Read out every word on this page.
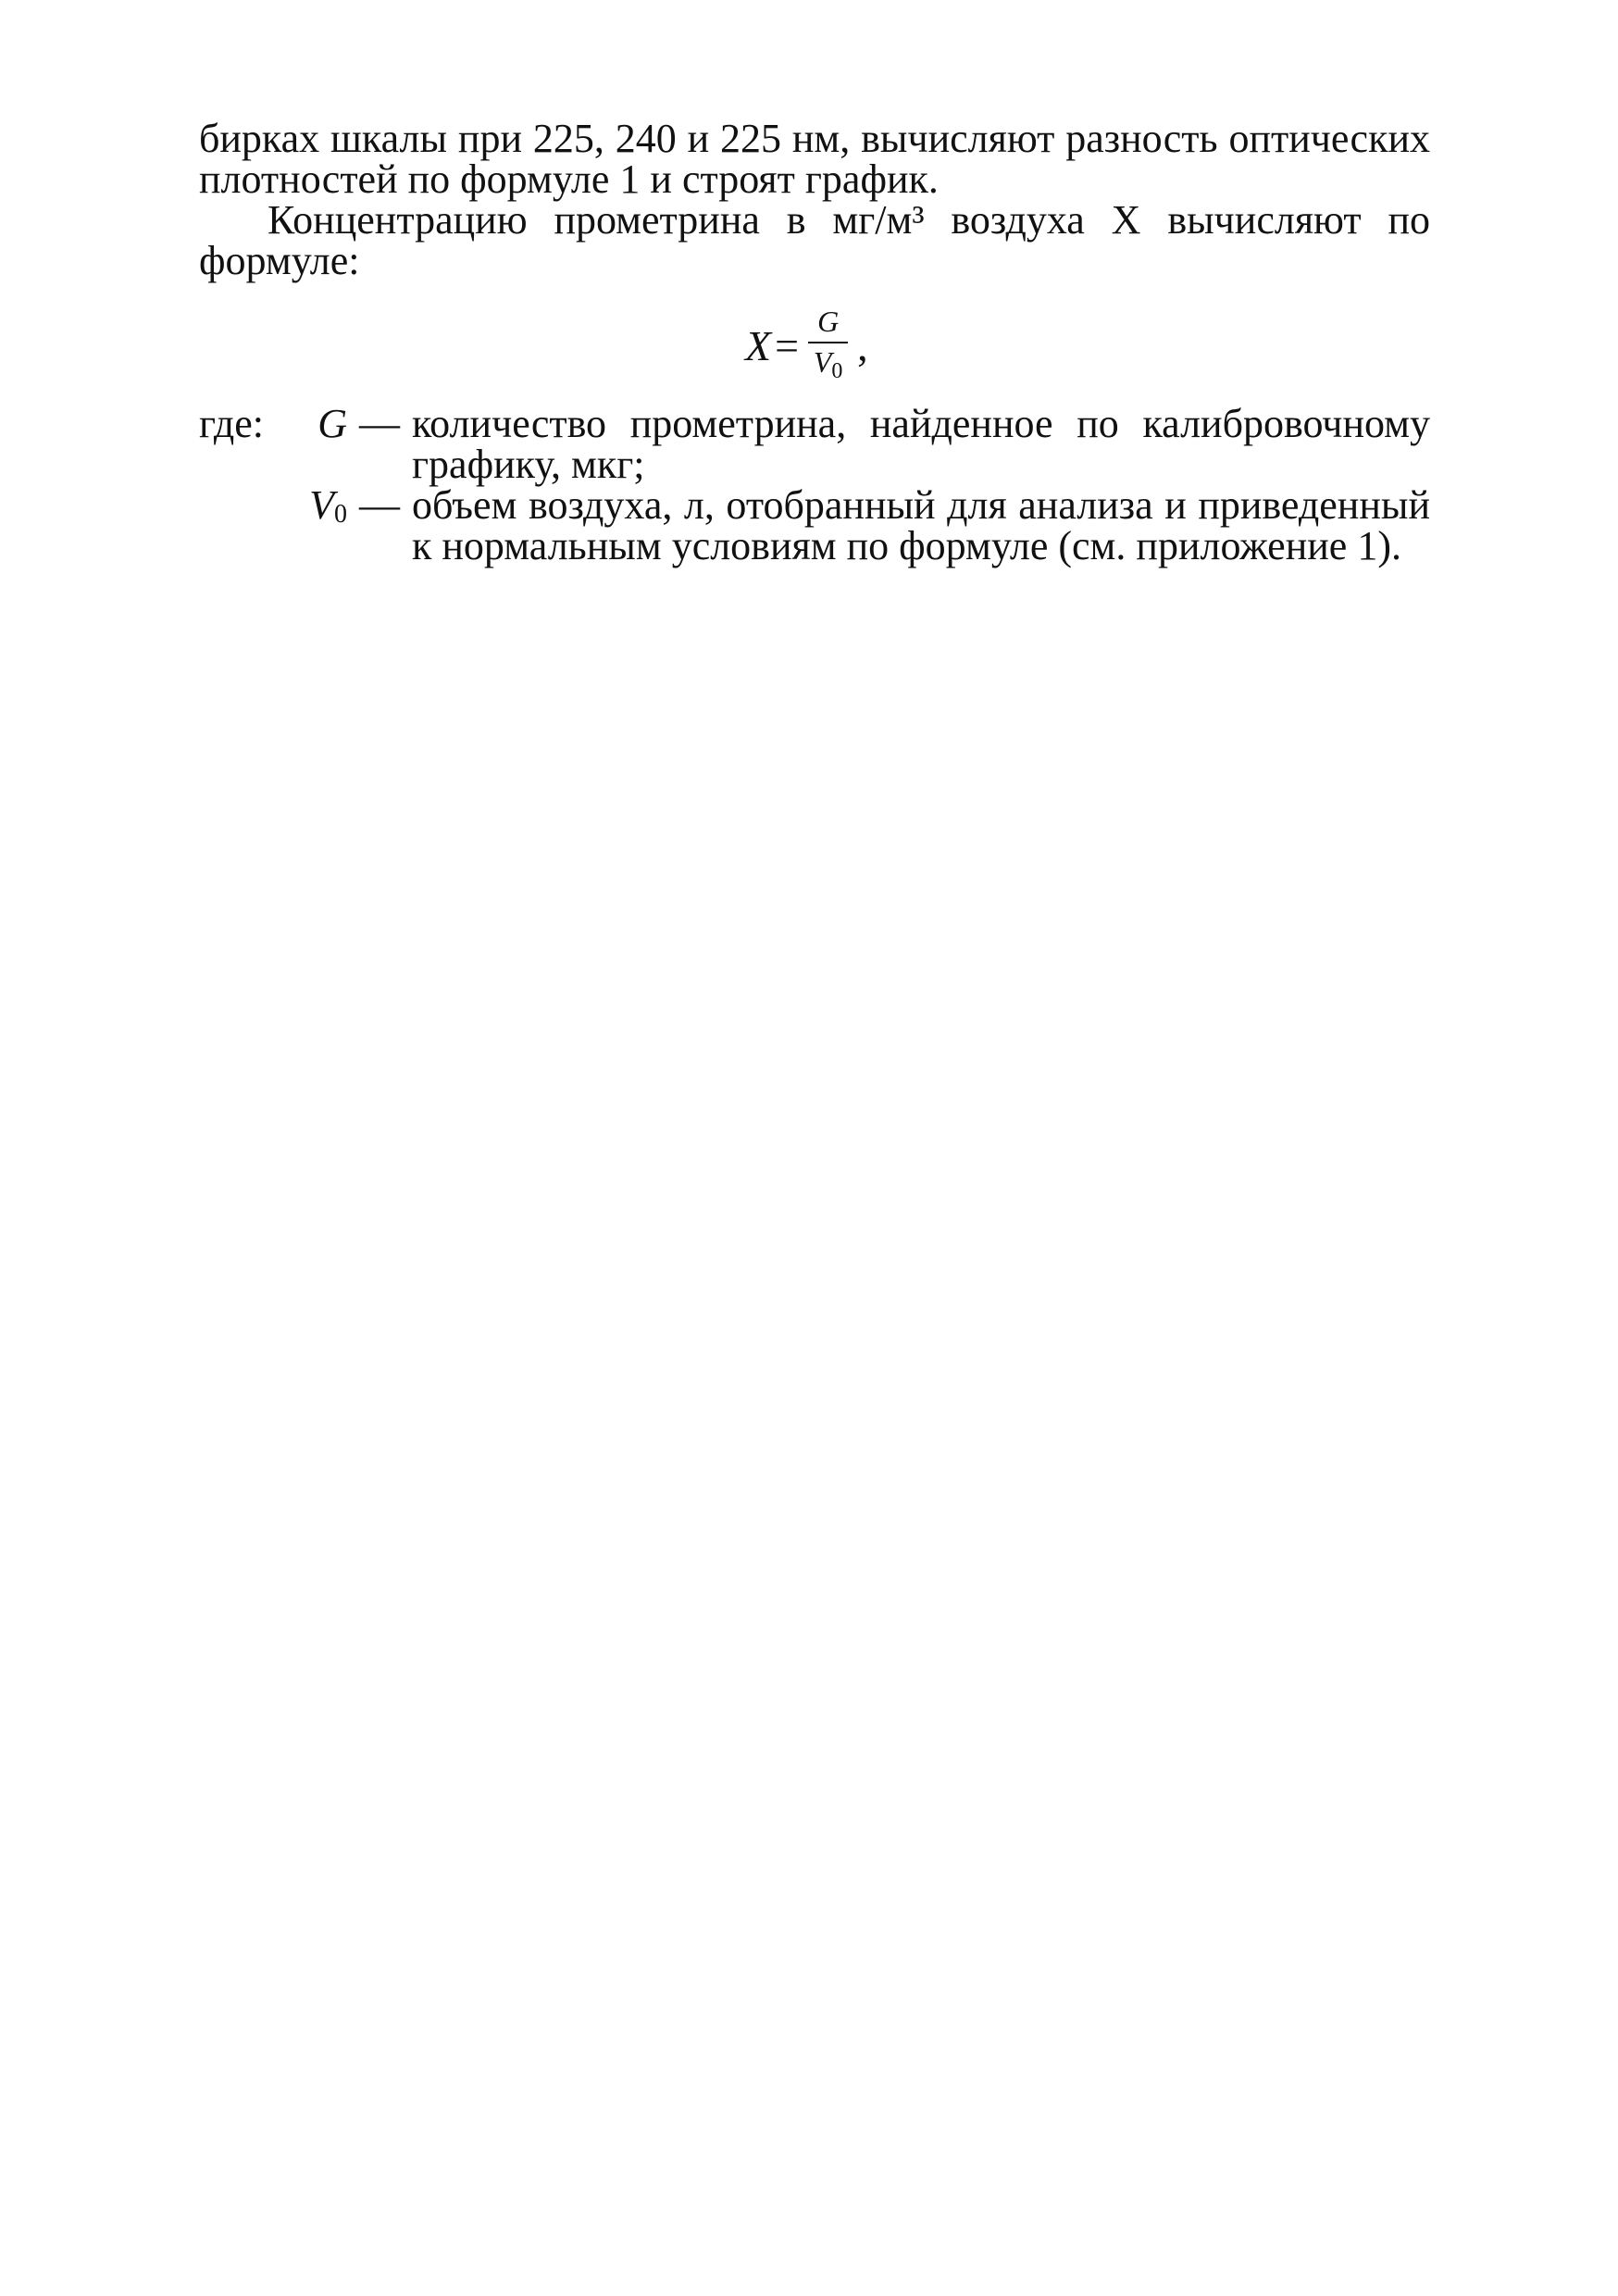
бирках шкалы при 225, 240 и 225 нм, вычисляют разность оптических плотностей по формуле 1 и строят график.

Концентрацию прометрина в мг/м³ воздуха X вычисляют по формуле:

$X = \frac{G}{V_0}$ ,
где:	G — количество прометрина, найденное по калибровочному графику, мкг;
V0 — объем воздуха, л, отобранный для анализа и приведенный к нормальным условиям по формуле (см. приложение 1).
